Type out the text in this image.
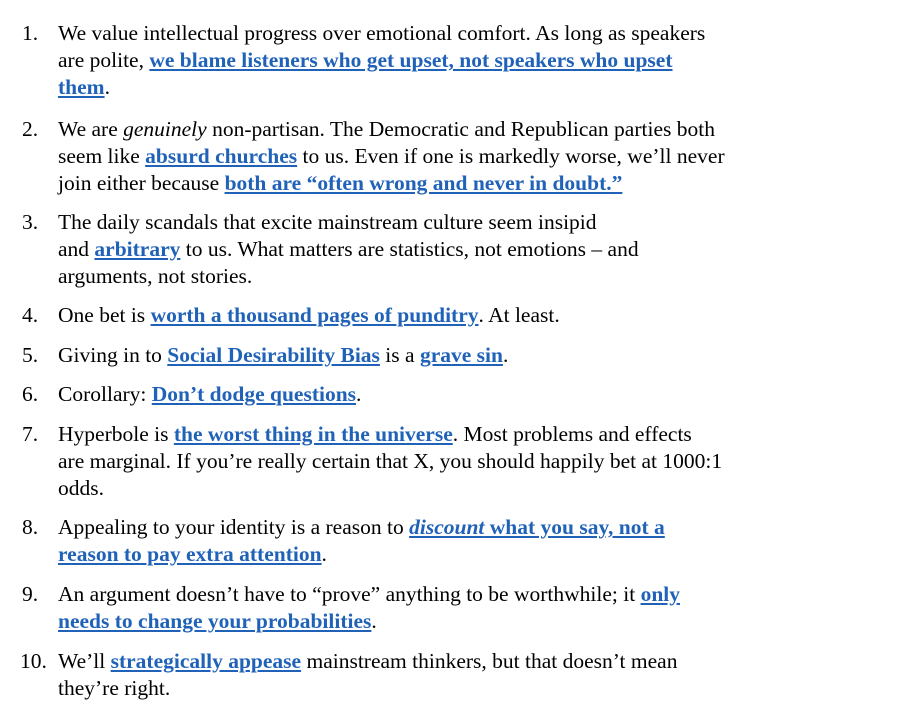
1. We value intellectual progress over emotional comfort. As long as speakers
are polite, we blame listeners who get upset, not speakers who upset
them.
2. We are genuinely non-partisan. The Democratic and Republican parties both
seem like absurd churches to us. Even if one is markedly worse, we’ll never
join either because both are “often wrong and never in doubt.”
3. The daily scandals that excite mainstream culture seem insipid
and arbitrary to us. What matters are statistics, not emotions – and
arguments, not stories.
4. One bet is worth a thousand pages of punditry. At least.
5. Giving in to Social Desirability Bias is a grave sin.
6. Corollary: Don’t dodge questions.
7. Hyperbole is the worst thing in the universe. Most problems and effects
are marginal. If you’re really certain that X, you should happily bet at 1000:1
odds.
8. Appealing to your identity is a reason to discount what you say, not a
reason to pay extra attention.
9. An argument doesn’t have to “prove” anything to be worthwhile; it only
needs to change your probabilities.
10. We’ll strategically appease mainstream thinkers, but that doesn’t mean
they’re right.
